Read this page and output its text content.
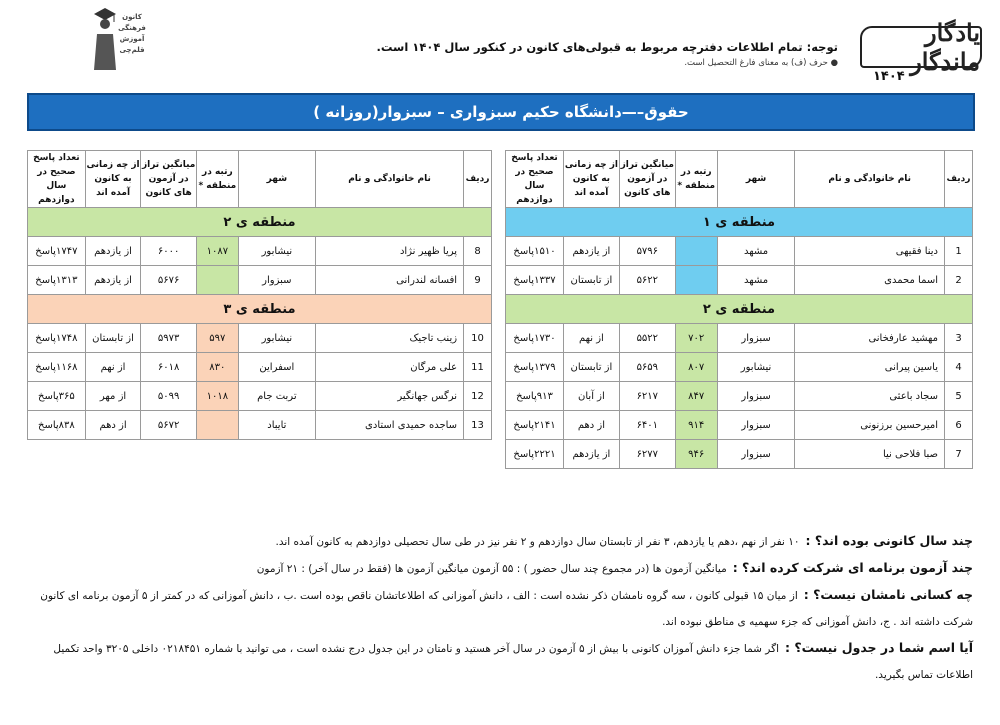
یادگار ماندگار
۱۴۰۴
توجه: تمام اطلاعات دفترچه مربوط به قبولی‌های کانون در کنکور سال ۱۴۰۴ است.
● حرف (ف) به معنای فارغ التحصیل است.
کانون
فرهنگی
آموزش
قلم‌چی
حقوق–—دانشگاه حکیم سبزواری – سبزوار(روزانه )
ردیف	نام خانوادگی و نام	شهر	رتبه در منطقه *	میانگین تراز در آزمون های کانون	از چه زمانی به کانون آمده اند	تعداد پاسخ صحیح در سال دوازدهم
منطقه ی ۱						
1	دینا فقیهی	مشهد		۵۷۹۶	از یازدهم	۱۵۱۰پاسخ
2	اسما محمدی	مشهد		۵۶۲۲	از تابستان	۱۳۳۷پاسخ
منطقه ی ۲						
3	مهشید عارفخانی	سبزوار	۷۰۲	۵۵۲۲	از نهم	۱۷۳۰پاسخ
4	یاسین پیرانی	نیشابور	۸۰۷	۵۶۵۹	از تابستان	۱۳۷۹پاسخ
5	سجاد باعثی	سبزوار	۸۴۷	۶۲۱۷	از آبان	۹۱۳پاسخ
6	امیرحسین برزنونی	سبزوار	۹۱۴	۶۴۰۱	از دهم	۲۱۴۱پاسخ
7	صبا فلاحی نیا	سبزوار	۹۴۶	۶۲۷۷	از یازدهم	۲۲۲۱پاسخ
ردیف	نام خانوادگی و نام	شهر	رتبه در منطقه *	میانگین تراز در آزمون های کانون	از چه زمانی به کانون آمده اند	تعداد پاسخ صحیح در سال دوازدهم
منطقه ی ۲						
8	پریا ظهیر نژاد	نیشابور	۱۰۸۷	۶۰۰۰	از یازدهم	۱۷۴۷پاسخ
9	افسانه لندرانی	سبزوار		۵۶۷۶	از یازدهم	۱۳۱۳پاسخ
منطقه ی ۳						
10	زینب تاجیک	نیشابور	۵۹۷	۵۹۷۳	از تابستان	۱۷۴۸پاسخ
11	علی مرگان	اسفراین	۸۳۰	۶۰۱۸	از نهم	۱۱۶۸پاسخ
12	نرگس جهانگیر	تربت جام	۱۰۱۸	۵۰۹۹	از مهر	۳۶۵پاسخ
13	ساجده حمیدی استادی	تایباد		۵۶۷۲	از دهم	۸۳۸پاسخ

چند سال کانونی بوده اند؟ :۱۰ نفر از نهم ،دهم یا یازدهم، ۳ نفر از تابستان سال دوازدهم و ۲ نفر نیز در طی سال تحصیلی دوازدهم به کانون آمده اند.

چند آزمون برنامه ای شرکت کرده اند؟ :میانگین آزمون ها (در مجموع چند سال حضور ) : ۵۵ آزمون میانگین آزمون ها (فقط در سال آخر) : ۲۱ آزمون

چه کسانی نامشان نیست؟ :از میان ۱۵ قبولی کانون ، سه گروه نامشان ذکر نشده است : الف ، دانش آموزانی که اطلاعاتشان ناقص بوده است .ب ، دانش آموزانی که در کمتر از ۵ آزمون برنامه ای کانون شرکت داشته اند . ج، دانش آموزانی که جزء سهمیه ی مناطق نبوده اند.

آیا اسم شما در جدول نیست؟ :اگر شما جزء دانش آموزان کانونی با بیش از ۵ آزمون در سال آخر هستید و نامتان در این جدول درج نشده است ، می توانید با شماره ۰۲۱۸۴۵۱ داخلی ۳۲۰۵ واحد تکمیل اطلاعات تماس بگیرید.
